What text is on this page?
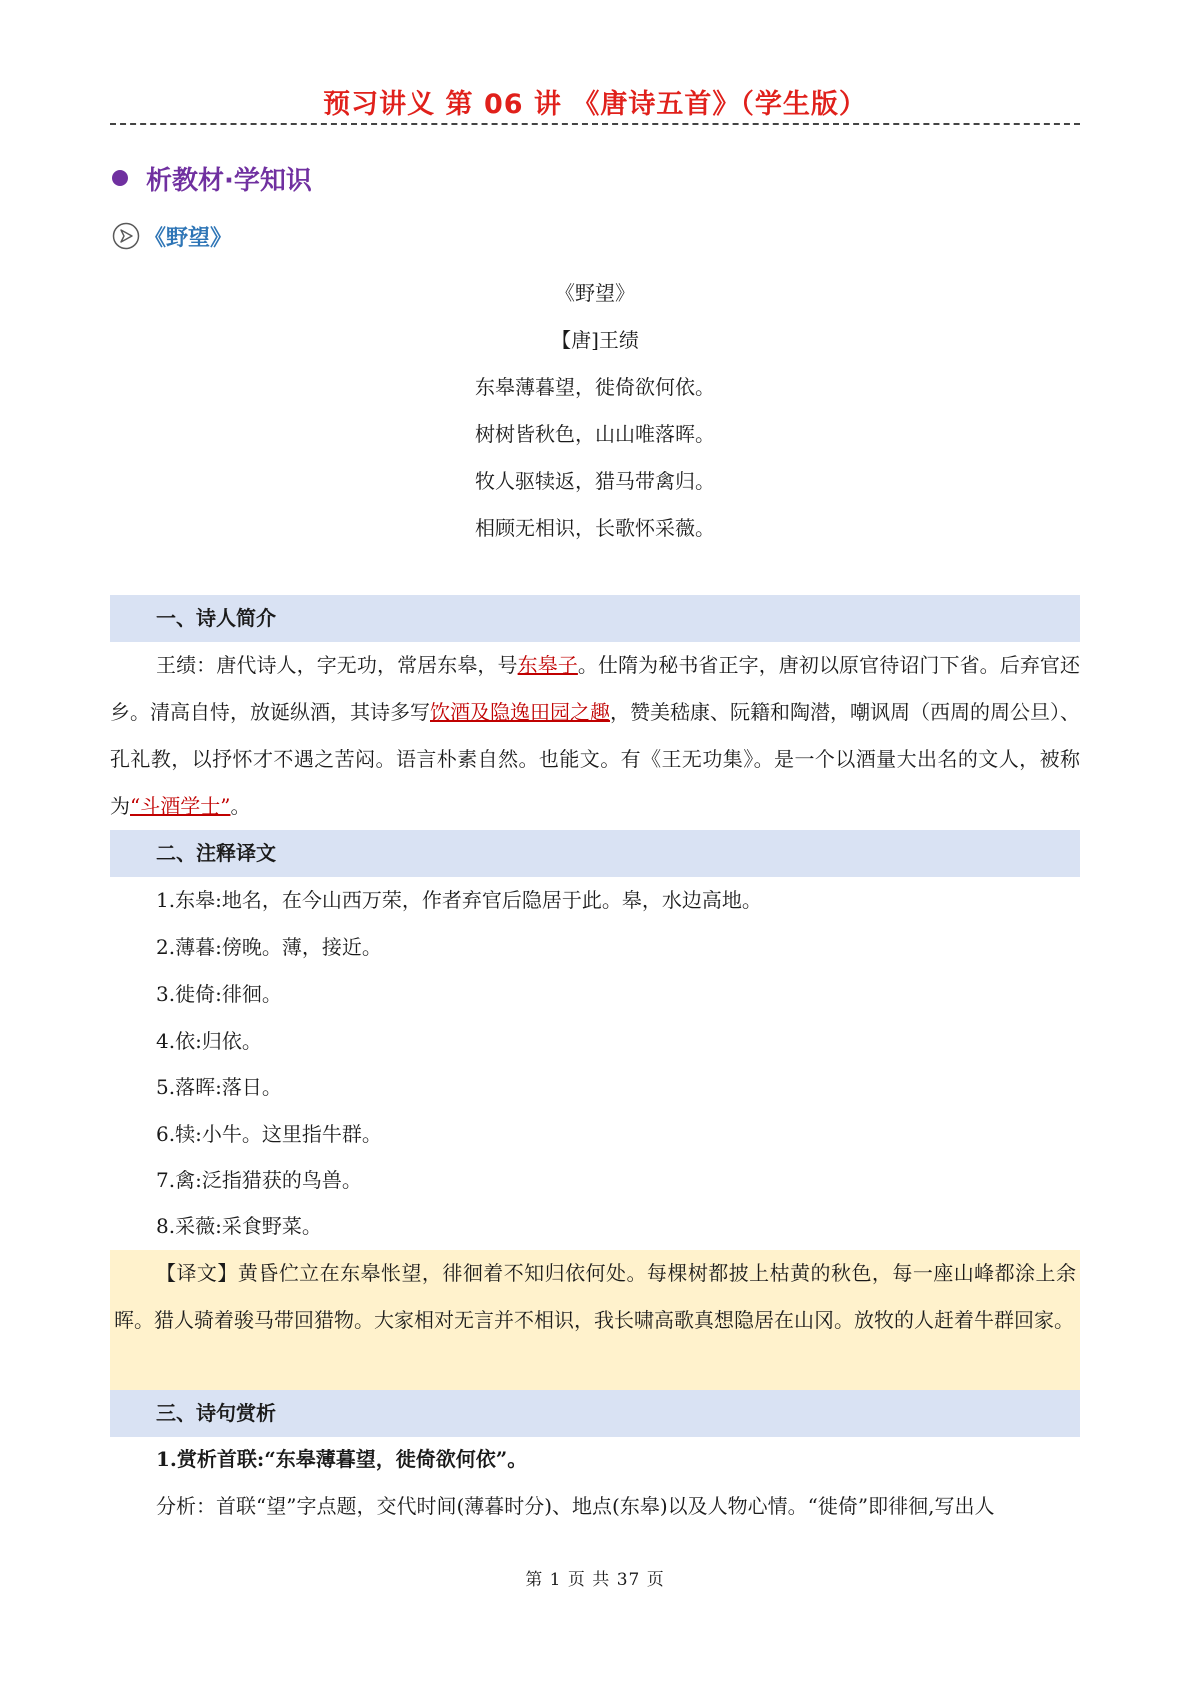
预习讲义 第 06 讲 《唐诗五首》（学生版）
析教材·学知识
《野望》
《野望》
【唐]王绩
东皋薄暮望，徙倚欲何依。
树树皆秋色，山山唯落晖。
牧人驱犊返，猎马带禽归。
相顾无相识，长歌怀采薇。
一、诗人简介
王绩：唐代诗人，字无功，常居东皋，号东皋子。仕隋为秘书省正字，唐初以原官待诏门下省。后弃官还乡。清高自恃，放诞纵酒，其诗多写饮酒及隐逸田园之趣，赞美嵇康、阮籍和陶潜，嘲讽周（西周的周公旦）、孔礼教，以抒怀才不遇之苦闷。语言朴素自然。也能文。有《王无功集》。是一个以酒量大出名的文人，被称为“斗酒学士”。
二、注释译文
1.东皋:地名，在今山西万荣，作者弃官后隐居于此。皋，水边高地。
2.薄暮:傍晚。薄，接近。
3.徙倚:徘徊。
4.依:归依。
5.落晖:落日。
6.犊:小牛。这里指牛群。
7.禽:泛指猎获的鸟兽。
8.采薇:采食野菜。
【译文】黄昏伫立在东皋怅望，徘徊着不知归依何处。每棵树都披上枯黄的秋色，每一座山峰都涂上余晖。猎人骑着骏马带回猎物。大家相对无言并不相识，我长啸高歌真想隐居在山冈。放牧的人赶着牛群回家。
三、诗句赏析
1.赏析首联:“东皋薄暮望，徙倚欲何依”。
分析：首联“望”字点题，交代时间(薄暮时分)、地点(东皋)以及人物心情。“徙倚”即徘徊,写出人
第 1 页 共 37 页
